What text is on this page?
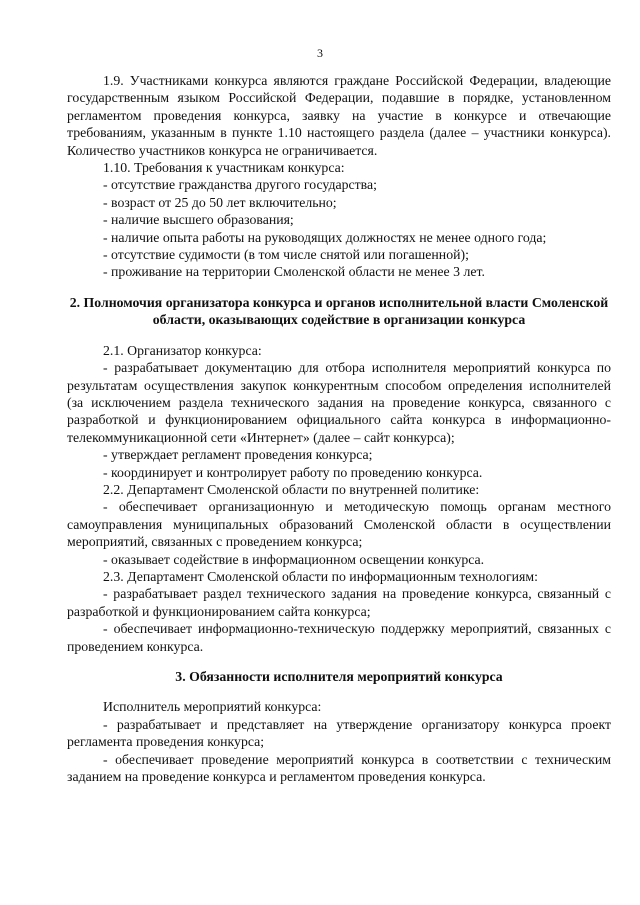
3

1.9. Участниками конкурса являются граждане Российской Федерации, владеющие государственным языком Российской Федерации, подавшие в порядке, установленном регламентом проведения конкурса, заявку на участие в конкурсе и отвечающие требованиям, указанным в пункте 1.10 настоящего раздела (далее – участники конкурса). Количество участников конкурса не ограничивается.

1.10. Требования к участникам конкурса:

- отсутствие гражданства другого государства;

- возраст от 25 до 50 лет включительно;

- наличие высшего образования;

- наличие опыта работы на руководящих должностях не менее одного года;

- отсутствие судимости (в том числе снятой или погашенной);

- проживание на территории Смоленской области не менее 3 лет.

2. Полномочия организатора конкурса и органов исполнительной власти Смоленской области, оказывающих содействие в организации конкурса

2.1. Организатор конкурса:

- разрабатывает документацию для отбора исполнителя мероприятий конкурса по результатам осуществления закупок конкурентным способом определения исполнителей (за исключением раздела технического задания на проведение конкурса, связанного с разработкой и функционированием официального сайта конкурса в информационно-телекоммуникационной сети «Интернет» (далее – сайт конкурса);

- утверждает регламент проведения конкурса;

- координирует и контролирует работу по проведению конкурса.

2.2. Департамент Смоленской области по внутренней политике:

- обеспечивает организационную и методическую помощь органам местного самоуправления муниципальных образований Смоленской области в осуществлении мероприятий, связанных с проведением конкурса;

- оказывает содействие в информационном освещении конкурса.

2.3. Департамент Смоленской области по информационным технологиям:

- разрабатывает раздел технического задания на проведение конкурса, связанный с разработкой и функционированием сайта конкурса;

- обеспечивает информационно-техническую поддержку мероприятий, связанных с проведением конкурса.

3. Обязанности исполнителя мероприятий конкурса

Исполнитель мероприятий конкурса:

- разрабатывает и представляет на утверждение организатору конкурса проект регламента проведения конкурса;

- обеспечивает проведение мероприятий конкурса в соответствии с техническим заданием на проведение конкурса и регламентом проведения конкурса.
